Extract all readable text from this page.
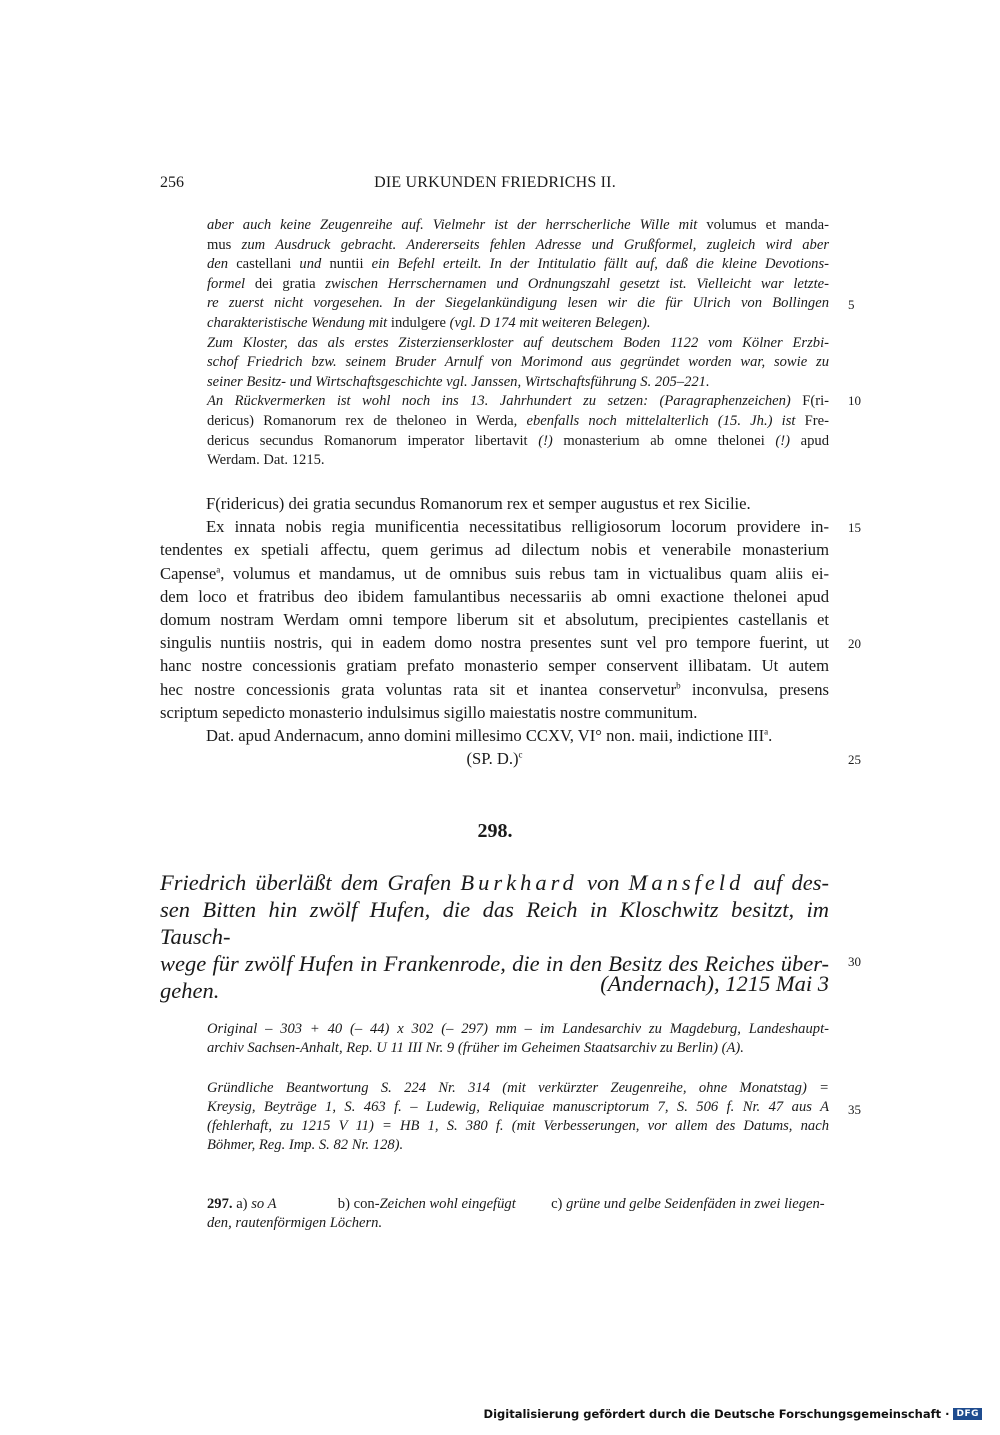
256	DIE URKUNDEN FRIEDRICHS II.

aber auch keine Zeugenreihe auf. Vielmehr ist der herrscherliche Wille mit volumus et manda-

mus zum Ausdruck gebracht. Andererseits fehlen Adresse und Grußformel, zugleich wird aber

den castellani und nuntii ein Befehl erteilt. In der Intitulatio fällt auf, daß die kleine Devotions-

formel dei gratia zwischen Herrschernamen und Ordnungszahl gesetzt ist. Vielleicht war letzte-

re zuerst nicht vorgesehen. In der Siegelankündigung lesen wir die für Ulrich von Bollingen

charakteristische Wendung mit indulgere (vgl. D 174 mit weiteren Belegen).

Zum Kloster, das als erstes Zisterzienserkloster auf deutschem Boden 1122 vom Kölner Erzbi-

schof Friedrich bzw. seinem Bruder Arnulf von Morimond aus gegründet worden war, sowie zu

seiner Besitz- und Wirtschaftsgeschichte vgl. Janssen, Wirtschaftsführung S. 205–221.

An Rückvermerken ist wohl noch ins 13. Jahrhundert zu setzen: (Paragraphenzeichen) F(ri-

dericus) Romanorum rex de theloneo in Werda, ebenfalls noch mittelalterlich (15. Jh.) ist Fre-

dericus secundus Romanorum imperator libertavit (!) monasterium ab omne thelonei (!) apud

Werdam. Dat. 1215.

F(ridericus) dei gratia secundus Romanorum rex et semper augustus et rex Sicilie.

Ex innata nobis regia munificentia necessitatibus relligiosorum locorum providere in-

tendentes ex spetiali affectu, quem gerimus ad dilectum nobis et venerabile monasterium

Capense$^a$, volumus et mandamus, ut de omnibus suis rebus tam in victualibus quam aliis ei-

dem loco et fratribus deo ibidem famulantibus necessariis ab omni exactione thelonei apud

domum nostram Werdam omni tempore liberum sit et absolutum, precipientes castellanis et

singulis nuntiis nostris, qui in eadem domo nostra presentes sunt vel pro tempore fuerint, ut

hanc nostre concessionis gratiam prefato monasterio semper conservent illibatam. Ut autem

hec nostre concessionis grata voluntas rata sit et inantea conservetur$^b$ inconvulsa, presens

scriptum sepedicto monasterio indulsimus sigillo maiestatis nostre communitum.

Dat. apud Andernacum, anno domini millesimo CCXV, VI° non. maii, indictione III$^a$.

(SP. D.)$^c$

5
10
15
20
25
30
35
298.

Friedrich überläßt dem Grafen Burkhard von Mansfeld auf des-

sen Bitten hin zwölf Hufen, die das Reich in Kloschwitz besitzt, im Tausch-

wege für zwölf Hufen in Frankenrode, die in den Besitz des Reiches über-

gehen.	(Andernach), 1215 Mai 3

Original – 303 + 40 (– 44) x 302 (– 297) mm – im Landesarchiv zu Magdeburg, Landeshaupt-

archiv Sachsen-Anhalt, Rep. U 11 III Nr. 9 (früher im Geheimen Staatsarchiv zu Berlin) (A).

Gründliche Beantwortung S. 224 Nr. 314 (mit verkürzter Zeugenreihe, ohne Monatstag) =

Kreysig, Beyträge 1, S. 463 f. – Ludewig, Reliquiae manuscriptorum 7, S. 506 f. Nr. 47 aus A

(fehlerhaft, zu 1215 V 11) = HB 1, S. 380 f. (mit Verbesserungen, vor allem des Datums, nach

Böhmer, Reg. Imp. S. 82 Nr. 128).

297. a) so A	b) con-Zeichen wohl eingefügt c) grüne und gelbe Seidenfäden in zwei liegen-

den, rautenförmigen Löchern.

Digitalisierung gefördert durch die Deutsche Forschungsgemeinschaft · DFG
